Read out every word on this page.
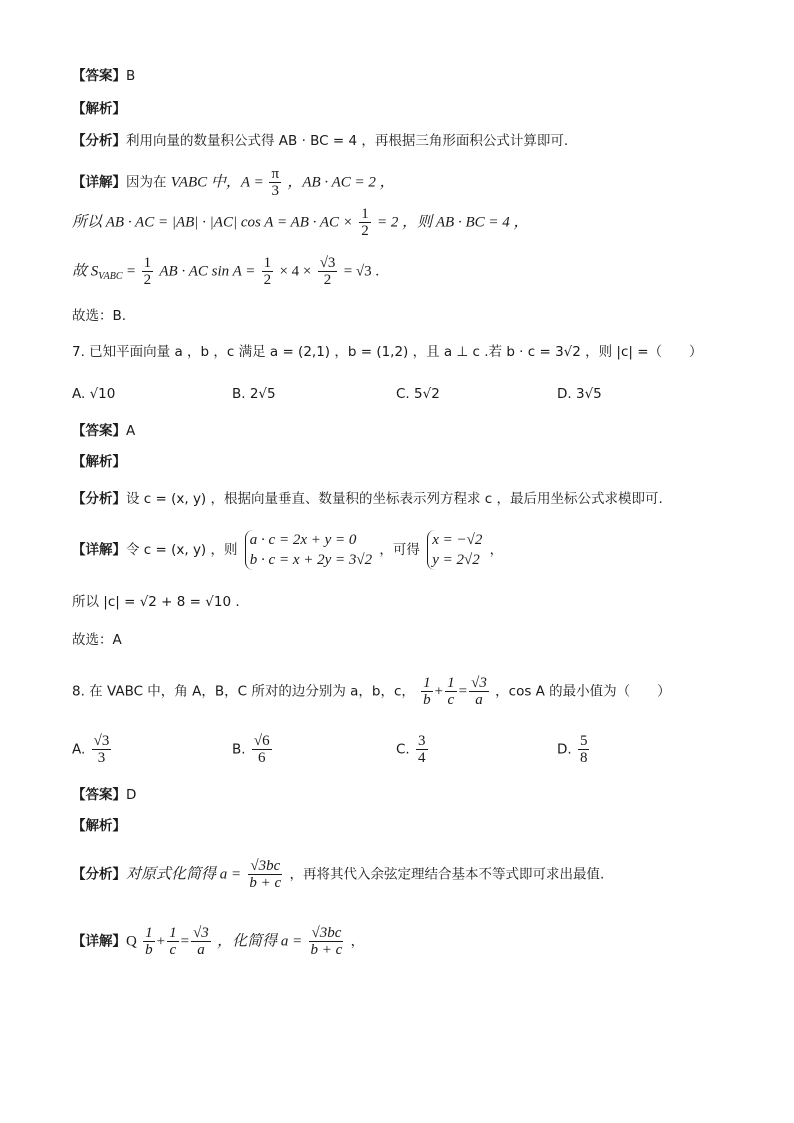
【答案】B
【解析】
【分析】利用向量的数量积公式得 AB · BC = 4 ，再根据三角形面积公式计算即可.
【详解】因为在 VABC 中，$A = \frac{\pi}{3}$ ，AB · AC = 2 ，
所以 AB · AC = |AB| · |AC| cos A = AB · AC × $\frac{1}{2} = 2$ ，则 AB · BC = 4 ，
故 $S_{VABC} = \frac{1}{2}$ AB · AC $\sin A = \frac{1}{2} \times 4 \times \frac{√3}{2} = √3$ .
故选：B.
7. 已知平面向量 a ，b ，c 满足 a = (2,1) ，b = (1,2) ，且 a ⊥ c .若 b · c = 3√2 ，则 |c| =（　　）
A. √10	B. 2√5	C. 5√2	D. 3√5
【答案】A
【解析】
【分析】设 c = (x, y) ，根据向量垂直、数量积的坐标表示列方程求 c ，最后用坐标公式求模即可.
【详解】令 c = (x, y) ，则
a · c = 2x + y = 0
b · c = x + 2y = 3√2
，可得
x = −√2
y = 2√2
，
所以 |c| = √2 + 8 = √10 .
故选：A
8. 在 VABC 中，角 A，B，C 所对的边分别为 a，b，c， $\frac{1}{b} + \frac{1}{c} = \frac{√3}{a}$ ，cos A 的最小值为（　　）
A. $\frac{√3}{3}$	B. $\frac{√6}{6}$	C. $\frac{3}{4}$	D. $\frac{5}{8}$
【答案】D
【解析】
【分析】对原式化简得 $a = \frac{√3bc}{b + c}$ ，再将其代入余弦定理结合基本不等式即可求出最值.
【详解】Q $\frac{1}{b} + \frac{1}{c} = \frac{√3}{a}$ ，化简得 $a = \frac{√3bc}{b + c}$ ，
